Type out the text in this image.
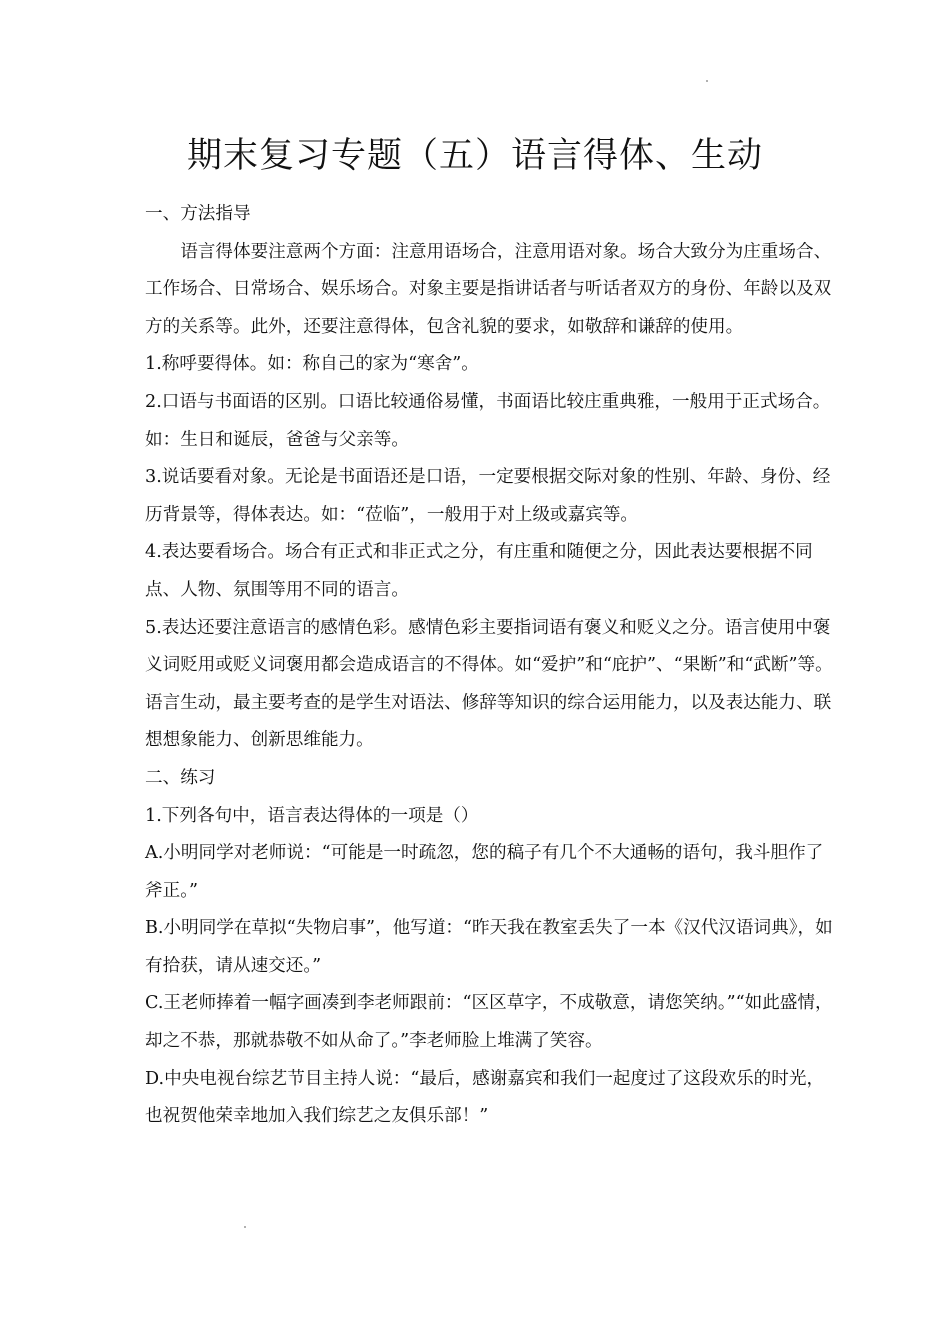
期末复习专题（五）语言得体、生动

一、方法指导

语言得体要注意两个方面：注意用语场合，注意用语对象。场合大致分为庄重场合、工作场合、日常场合、娱乐场合。对象主要是指讲话者与听话者双方的身份、年龄以及双方的关系等。此外，还要注意得体，包含礼貌的要求，如敬辞和谦辞的使用。

1.称呼要得体。如：称自己的家为“寒舍”。

2.口语与书面语的区别。口语比较通俗易懂，书面语比较庄重典雅，一般用于正式场合。如：生日和诞辰，爸爸与父亲等。

3.说话要看对象。无论是书面语还是口语，一定要根据交际对象的性别、年龄、身份、经历背景等，得体表达。如：“莅临”，一般用于对上级或嘉宾等。

4.表达要看场合。场合有正式和非正式之分，有庄重和随便之分，因此表达要根据不同点、人物、氛围等用不同的语言。

5.表达还要注意语言的感情色彩。感情色彩主要指词语有褒义和贬义之分。语言使用中褒义词贬用或贬义词褒用都会造成语言的不得体。如“爱护”和“庇护”、“果断”和“武断”等。

语言生动，最主要考查的是学生对语法、修辞等知识的综合运用能力，以及表达能力、联想想象能力、创新思维能力。

二、练习

1.下列各句中，语言表达得体的一项是（）

A.小明同学对老师说：“可能是一时疏忽，您的稿子有几个不大通畅的语句，我斗胆作了斧正。”

B.小明同学在草拟“失物启事”，他写道：“昨天我在教室丢失了一本《汉代汉语词典》，如有拾获，请从速交还。”

C.王老师捧着一幅字画凑到李老师跟前：“区区草字，不成敬意，请您笑纳。”“如此盛情，却之不恭，那就恭敬不如从命了。”李老师脸上堆满了笑容。

D.中央电视台综艺节目主持人说：“最后，感谢嘉宾和我们一起度过了这段欢乐的时光，也祝贺他荣幸地加入我们综艺之友俱乐部！”
